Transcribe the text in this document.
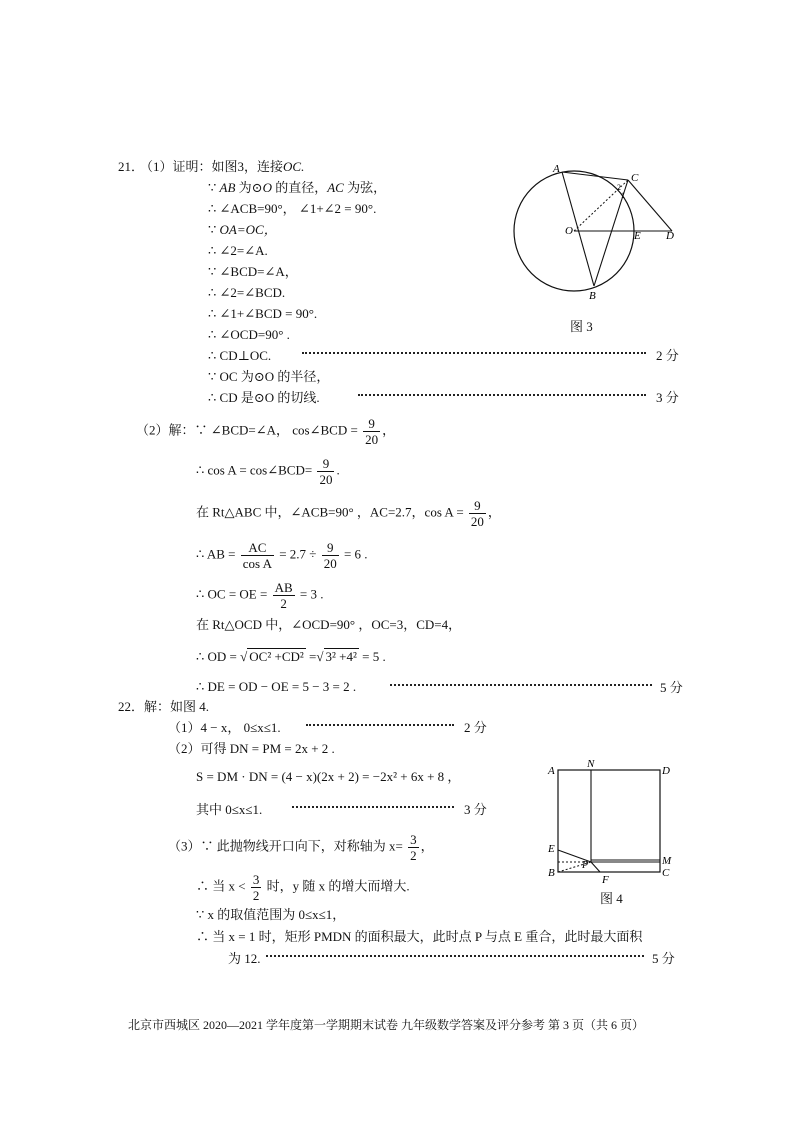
21．
（1）证明：如图3，连接OC.
∵ AB 为⊙O 的直径，AC 为弦，
∴ ∠ACB=90°， ∠1+∠2 = 90°.
∵ OA=OC，
∴ ∠2=∠A.
∵ ∠BCD=∠A，
∴ ∠2=∠BCD.
∴ ∠1+∠BCD = 90°.
∴ ∠OCD=90° .
∴ CD⊥OC.	2 分
∵ OC 为⊙O 的半径，
∴ CD 是⊙O 的切线.	3 分
A
C
2
1
O	E D
B
图 3
（2）解：∵ ∠BCD=∠A， cos∠BCD = $\frac{9}{20}$ ，
∴ cos A = cos∠BCD= $\frac{9}{20}$ .
在 Rt△ABC 中，∠ACB=90° ，AC=2.7，$\cos A = \frac{9}{20}$ ，
∴ AB = $\frac{AC}{\text{cos A}} = 2.7 \div \frac{9}{20} = 6$ .
∴ OC = OE = $\frac{AB}{2} = 3$ .
在 Rt△OCD 中，∠OCD=90° ，OC=3，CD=4，
∴ OD = √ OC² +CD² =√ 3² +4² = 5 .
∴ DE = OD − OE = 5 − 3 = 2 .	5 分
22．解：如图 4.
（1）4 − x， 0≤x≤1.	2 分
（2）可得 DN = PM = 2x + 2 .
S = DM · DN = (4 − x)(2x + 2) = −2x² + 6x + 8 ，
其中 0≤x≤1.	3 分
（3）∵ 此抛物线开口向下，对称轴为 $x= \frac{3}{2}$ ，
∴ 当 $x < \frac{3}{2}$ 时，y 随 x 的增大而增大.
∵ x 的取值范围为 0≤x≤1，
∴ 当 x = 1 时，矩形 PMDN 的面积最大，此时点 P 与点 E 重合，此时最大面积
为 12.	5 分
A
N
D
E
P	M
B
F
C
图 4
北京市西城区 2020—2021 学年度第一学期期末试卷 九年级数学答案及评分参考 第 3 页（共 6 页）
